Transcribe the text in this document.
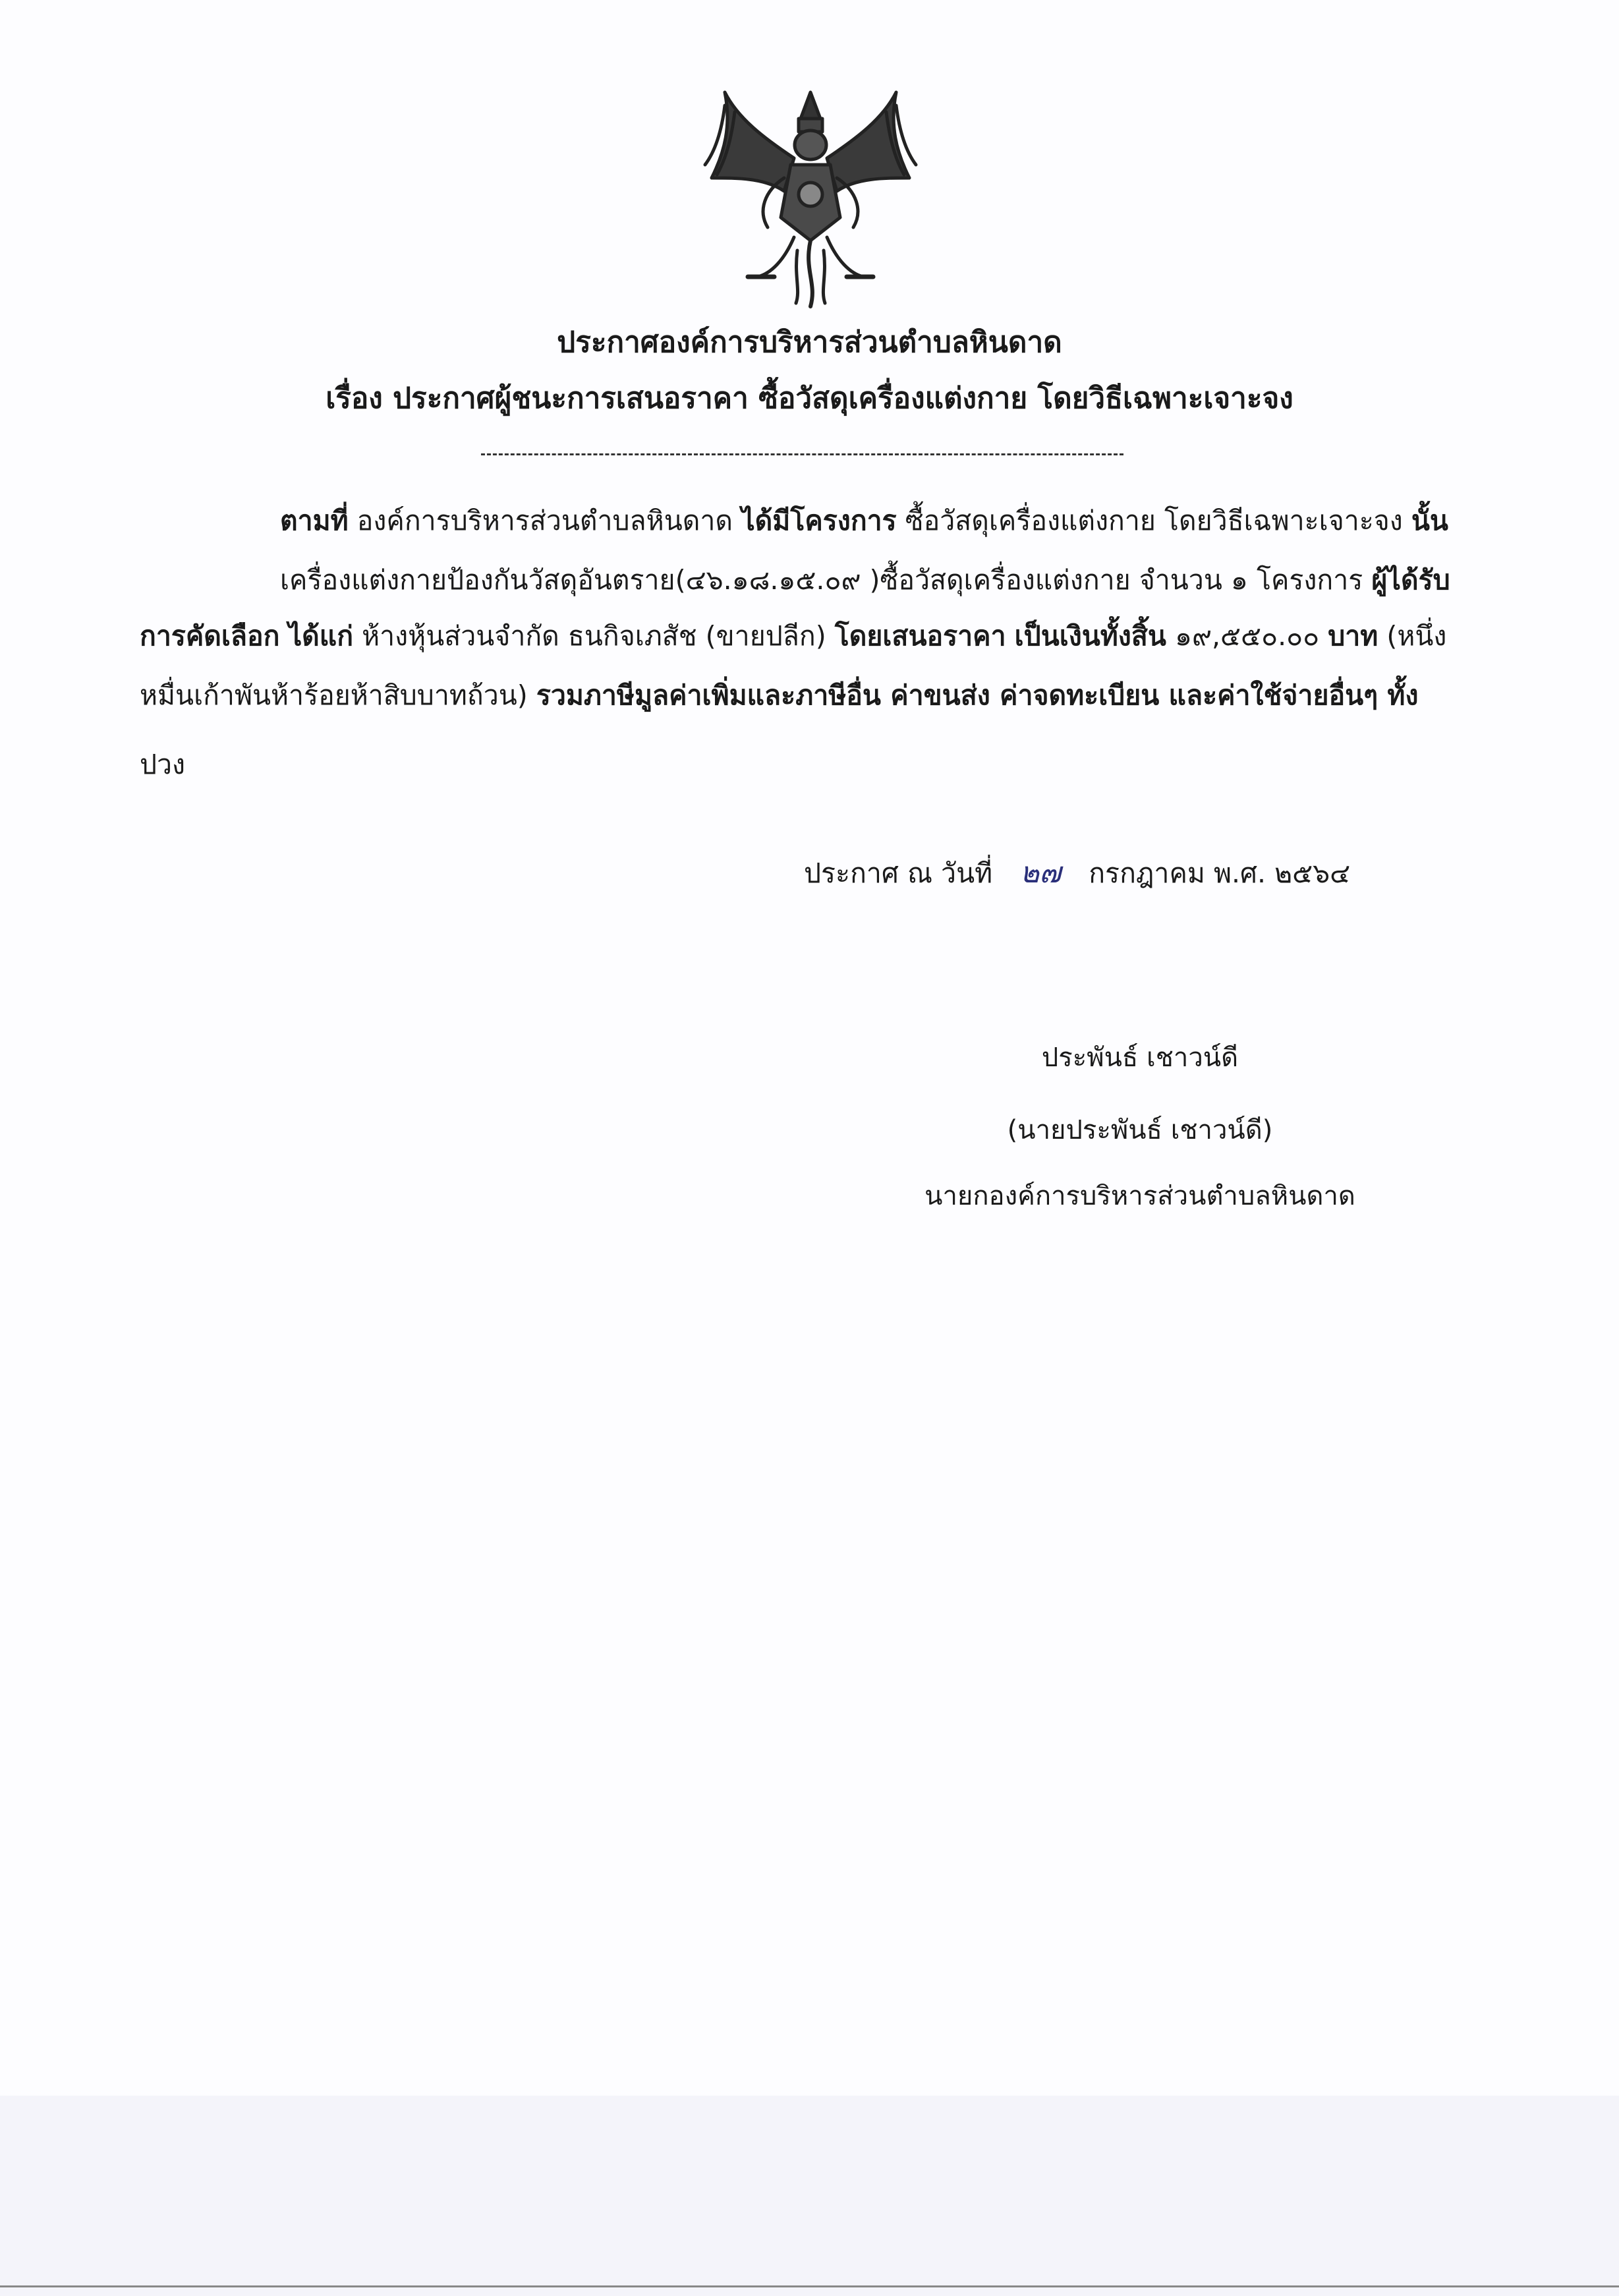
ประกาศองค์การบริหารส่วนตำบลหินดาด
เรื่อง ประกาศผู้ชนะการเสนอราคา ซื้อวัสดุเครื่องแต่งกาย โดยวิธีเฉพาะเจาะจง
ตามที่ องค์การบริหารส่วนตำบลหินดาด ได้มีโครงการ ซื้อวัสดุเครื่องแต่งกาย โดยวิธีเฉพาะเจาะจง นั้น
เครื่องแต่งกายป้องกันวัสดุอันตราย(๔๖.๑๘.๑๕.๐๙ )ซื้อวัสดุเครื่องแต่งกาย จำนวน ๑ โครงการ ผู้ได้รับ
การคัดเลือก ได้แก่ ห้างหุ้นส่วนจำกัด ธนกิจเภสัช (ขายปลีก) โดยเสนอราคา เป็นเงินทั้งสิ้น ๑๙,๕๕๐.๐๐ บาท (หนึ่ง
หมื่นเก้าพันห้าร้อยห้าสิบบาทถ้วน) รวมภาษีมูลค่าเพิ่มและภาษีอื่น ค่าขนส่ง ค่าจดทะเบียน และค่าใช้จ่ายอื่นๆ ทั้ง
ปวง
ประกาศ ณ วันที่ ๒๗ กรกฎาคม พ.ศ. ๒๕๖๔
ประพันธ์ เชาวน์ดี
(นายประพันธ์ เชาวน์ดี)
นายกองค์การบริหารส่วนตำบลหินดาด
